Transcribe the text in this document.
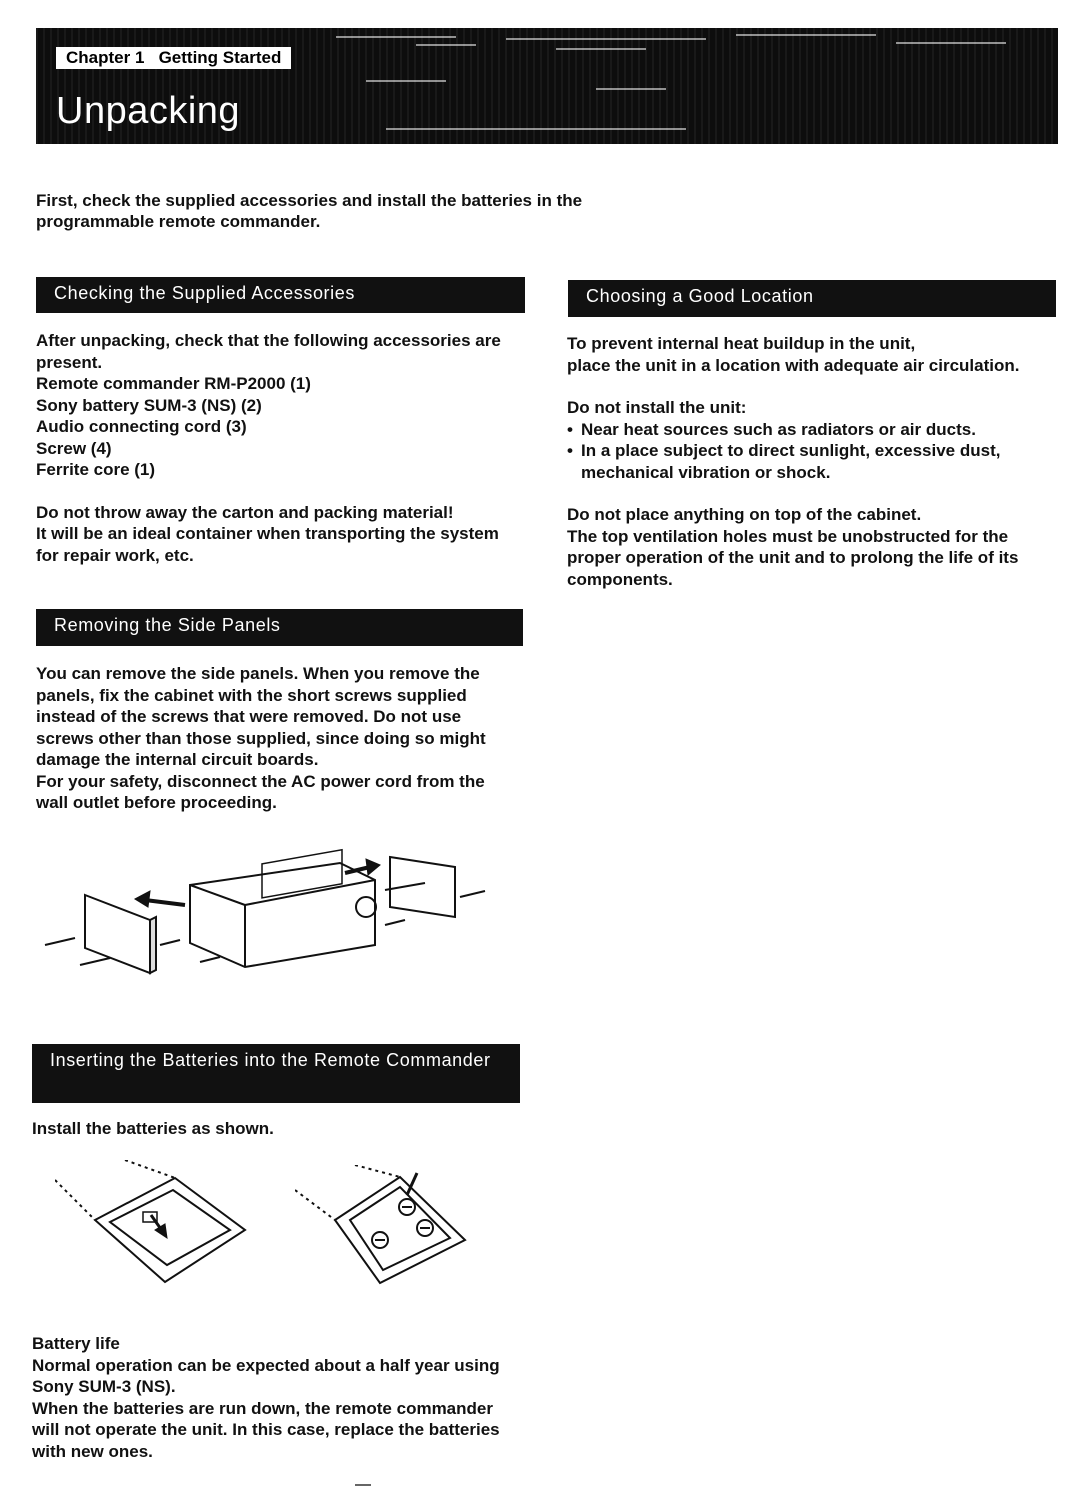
Chapter 1   Getting Started
Unpacking
First, check the supplied accessories and install the batteries in the programmable remote commander.
Checking the Supplied Accessories

After unpacking, check that the following accessories are present.

Remote commander RM-P2000 (1)

Sony battery SUM-3 (NS) (2)

Audio connecting cord (3)

Screw (4)

Ferrite core (1)

Do not throw away the carton and packing material!

It will be an ideal container when transporting the system for repair work, etc.

Removing the Side Panels

You can remove the side panels. When you remove the panels, fix the cabinet with the short screws supplied instead of the screws that were removed. Do not use screws other than those supplied, since doing so might damage the internal circuit boards.

For your safety, disconnect the AC power cord from the wall outlet before proceeding.

Inserting the Batteries into the Remote Commander
Install the batteries as shown.

Battery life

Normal operation can be expected about a half year using Sony SUM-3 (NS).

When the batteries are run down, the remote commander will not operate the unit. In this case, replace the batteries with new ones.

Choosing a Good Location

To prevent internal heat buildup in the unit,

place the unit in a location with adequate air circulation.

Do not install the unit:

• Near heat sources such as radiators or air ducts.
• In a place subject to direct sunlight, excessive dust, mechanical vibration or shock.

Do not place anything on top of the cabinet.

The top ventilation holes must be unobstructed for the proper operation of the unit and to prolong the life of its components.
